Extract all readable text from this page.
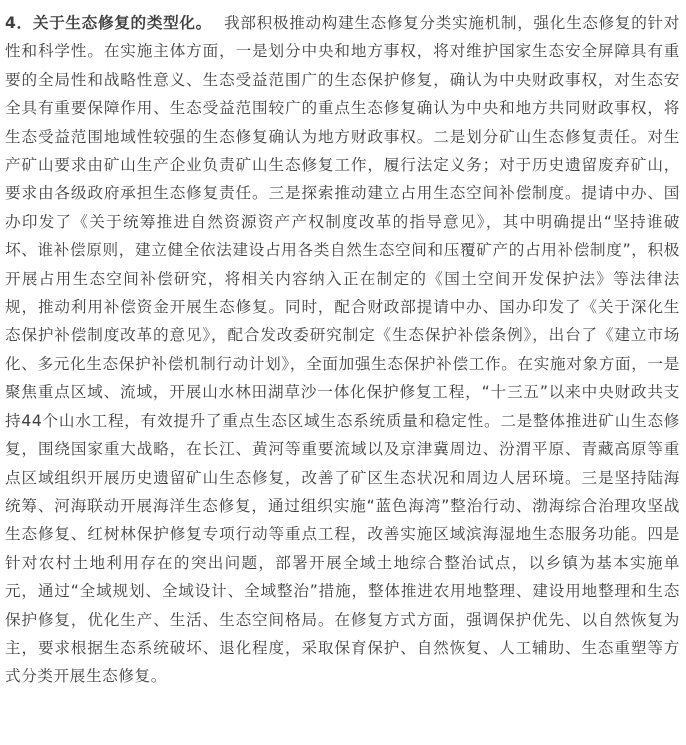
4．关于生态修复的类型化。 我部积极推动构建生态修复分类实施机制，强化生态修复的针对性和科学性。在实施主体方面，一是划分中央和地方事权，将对维护国家生态安全屏障具有重要的全局性和战略性意义、生态受益范围广的生态保护修复，确认为中央财政事权，对生态安全具有重要保障作用、生态受益范围较广的重点生态修复确认为中央和地方共同财政事权，将生态受益范围地域性较强的生态修复确认为地方财政事权。二是划分矿山生态修复责任。对生产矿山要求由矿山生产企业负责矿山生态修复工作，履行法定义务；对于历史遗留废弃矿山，要求由各级政府承担生态修复责任。三是探索推动建立占用生态空间补偿制度。提请中办、国办印发了《关于统筹推进自然资源资产产权制度改革的指导意见》，其中明确提出“坚持谁破坏、谁补偿原则，建立健全依法建设占用各类自然生态空间和压覆矿产的占用补偿制度”，积极开展占用生态空间补偿研究，将相关内容纳入正在制定的《国土空间开发保护法》等法律法规，推动利用补偿资金开展生态修复。同时，配合财政部提请中办、国办印发了《关于深化生态保护补偿制度改革的意见》，配合发改委研究制定《生态保护补偿条例》，出台了《建立市场化、多元化生态保护补偿机制行动计划》，全面加强生态保护补偿工作。在实施对象方面，一是聚焦重点区域、流域，开展山水林田湖草沙一体化保护修复工程，“十三五”以来中央财政共支持44个山水工程，有效提升了重点生态区域生态系统质量和稳定性。二是整体推进矿山生态修复，围绕国家重大战略，在长江、黄河等重要流域以及京津冀周边、汾渭平原、青藏高原等重点区域组织开展历史遗留矿山生态修复，改善了矿区生态状况和周边人居环境。三是坚持陆海统筹、河海联动开展海洋生态修复，通过组织实施“蓝色海湾”整治行动、渤海综合治理攻坚战生态修复、红树林保护修复专项行动等重点工程，改善实施区域滨海湿地生态服务功能。四是针对农村土地利用存在的突出问题，部署开展全域土地综合整治试点，以乡镇为基本实施单元，通过“全域规划、全域设计、全域整治”措施，整体推进农用地整理、建设用地整理和生态保护修复，优化生产、生活、生态空间格局。在修复方式方面，强调保护优先、以自然恢复为主，要求根据生态系统破坏、退化程度，采取保育保护、自然恢复、人工辅助、生态重塑等方式分类开展生态修复。
